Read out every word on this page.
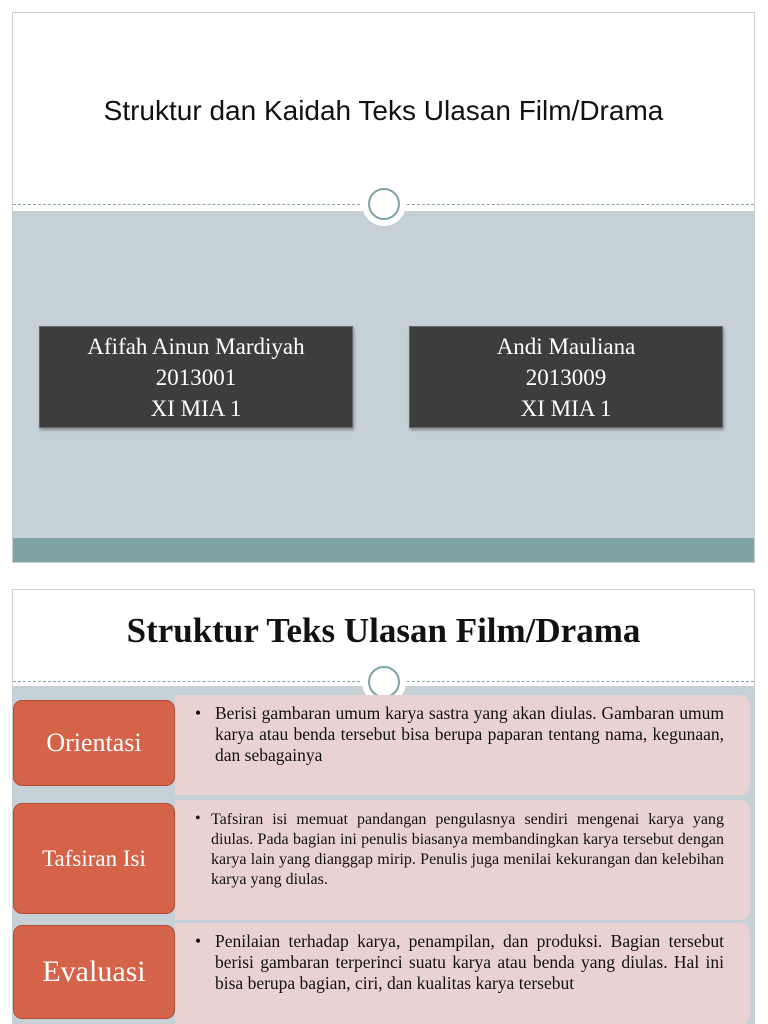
Struktur dan Kaidah Teks Ulasan Film/Drama
Afifah Ainun Mardiyah
2013001
XI MIA 1
Andi Mauliana
2013009
XI MIA 1
Struktur Teks Ulasan Film/Drama
• Berisi gambaran umum karya sastra yang akan diulas. Gambaran umum karya atau benda tersebut bisa berupa paparan tentang nama, kegunaan, dan sebagainya
Orientasi
• Tafsiran isi memuat pandangan pengulasnya sendiri mengenai karya yang diulas. Pada bagian ini penulis biasanya membandingkan karya tersebut dengan karya lain yang dianggap mirip. Penulis juga menilai kekurangan dan kelebihan karya yang diulas.
Tafsiran Isi
• Penilaian terhadap karya, penampilan, dan produksi. Bagian tersebut berisi gambaran terperinci suatu karya atau benda yang diulas. Hal ini bisa berupa bagian, ciri, dan kualitas karya tersebut
Evaluasi
